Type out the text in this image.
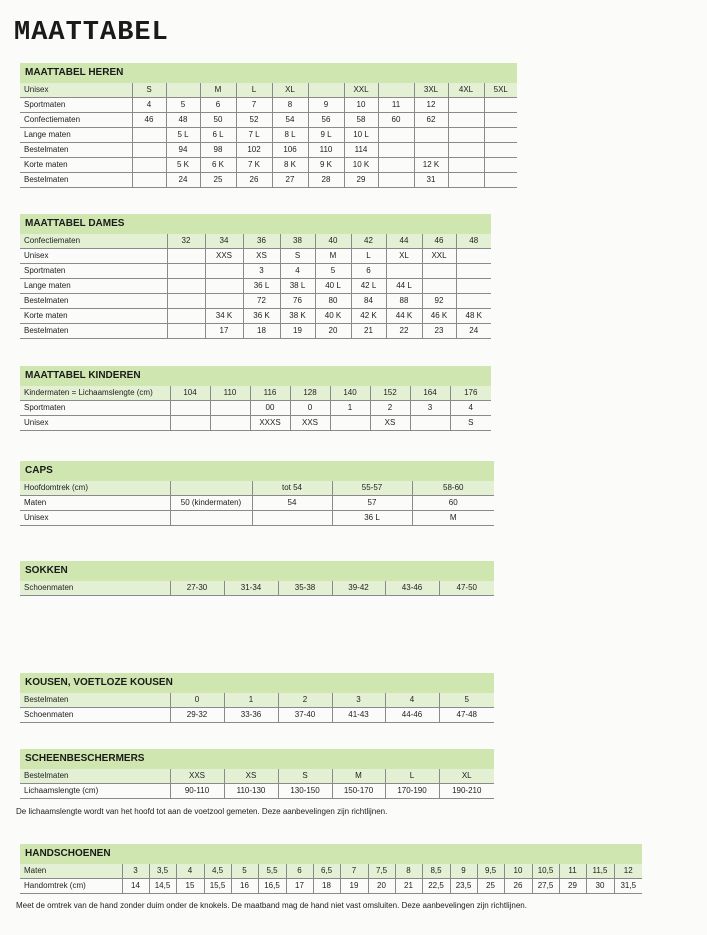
MAATTABEL
MAATTABEL HEREN
Unisex	S		M	L	XL		XXL		3XL	4XL	5XL
Sportmaten	4	5	6	7	8	9	10	11	12		
Confectiematen	46	48	50	52	54	56	58	60	62		
Lange maten		5 L	6 L	7 L	8 L	9 L	10 L				
Bestelmaten		94	98	102	106	110	114				
Korte maten		5 K	6 K	7 K	8 K	9 K	10 K		12 K		
Bestelmaten		24	25	26	27	28	29		31		
MAATTABEL DAMES
Confectiematen	32	34	36	38	40	42	44	46	48
Unisex		XXS	XS	S	M	L	XL	XXL	
Sportmaten			3	4	5	6			
Lange maten			36 L	38 L	40 L	42 L	44 L		
Bestelmaten			72	76	80	84	88	92	
Korte maten		34 K	36 K	38 K	40 K	42 K	44 K	46 K	48 K
Bestelmaten		17	18	19	20	21	22	23	24
MAATTABEL KINDEREN
Kindermaten = Lichaamslengte (cm)	104	110	116	128	140	152	164	176
Sportmaten			00	0	1	2	3	4
Unisex			XXXS	XXS		XS		S
CAPS
Hoofdomtrek (cm)		tot 54	55-57	58-60
Maten	50 (kindermaten)	54	57	60
Unisex			36 L	M
SOKKEN
Schoenmaten	27-30	31-34	35-38	39-42	43-46	47-50
KOUSEN, VOETLOZE KOUSEN
Bestelmaten	0	1	2	3	4	5
Schoenmaten	29-32	33-36	37-40	41-43	44-46	47-48
SCHEENBESCHERMERS
Bestelmaten	XXS	XS	S	M	L	XL
Lichaamslengte (cm)	90-110	110-130	130-150	150-170	170-190	190-210
De lichaamslengte wordt van het hoofd tot aan de voetzool gemeten. Deze aanbevelingen zijn richtlijnen.
HANDSCHOENEN
Maten	3	3,5	4	4,5	5	5,5	6	6,5	7	7,5	8	8,5	9	9,5	10	10,5	11	11,5	12
Handomtrek (cm)	14	14,5	15	15,5	16	16,5	17	18	19	20	21	22,5	23,5	25	26	27,5	29	30	31,5
Meet de omtrek van de hand zonder duim onder de knokels. De maatband mag de hand niet vast omsluiten. Deze aanbevelingen zijn richtlijnen.
